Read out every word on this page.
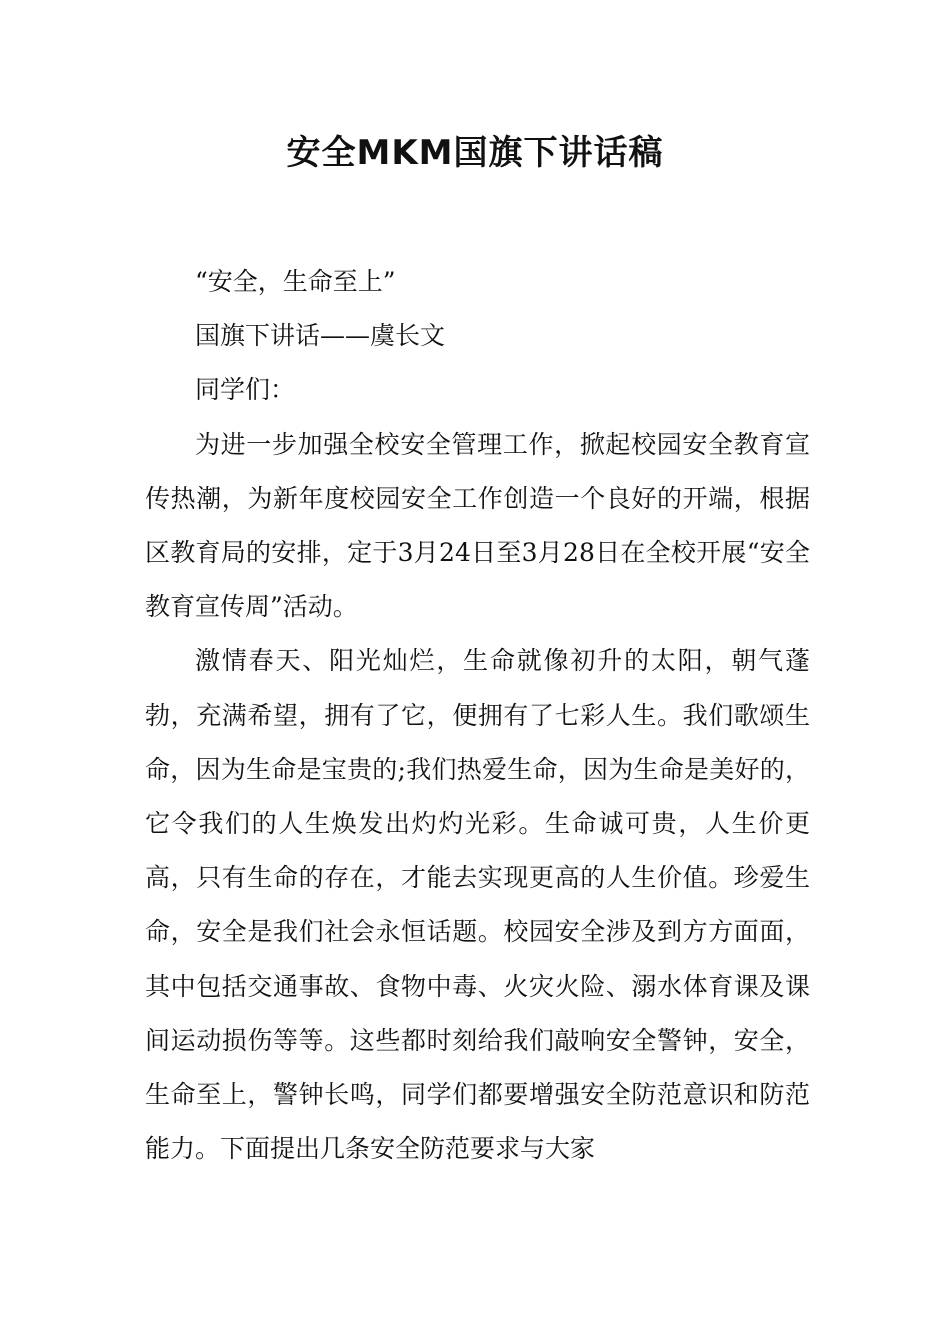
安全MKM国旗下讲话稿

“安全，生命至上”

国旗下讲话——虞长文

同学们：

为进一步加强全校安全管理工作，掀起校园安全教育宣传热潮，为新年度校园安全工作创造一个良好的开端，根据区教育局的安排，定于3月24日至3月28日在全校开展“安全教育宣传周”活动。

激情春天、阳光灿烂，生命就像初升的太阳，朝气蓬勃，充满希望，拥有了它，便拥有了七彩人生。我们歌颂生命，因为生命是宝贵的;我们热爱生命，因为生命是美好的，它令我们的人生焕发出灼灼光彩。生命诚可贵，人生价更高，只有生命的存在，才能去实现更高的人生价值。珍爱生命，安全是我们社会永恒话题。校园安全涉及到方方面面，其中包括交通事故、食物中毒、火灾火险、溺水体育课及课间运动损伤等等。这些都时刻给我们敲响安全警钟，安全，生命至上，警钟长鸣，同学们都要增强安全防范意识和防范能力。下面提出几条安全防范要求与大家
